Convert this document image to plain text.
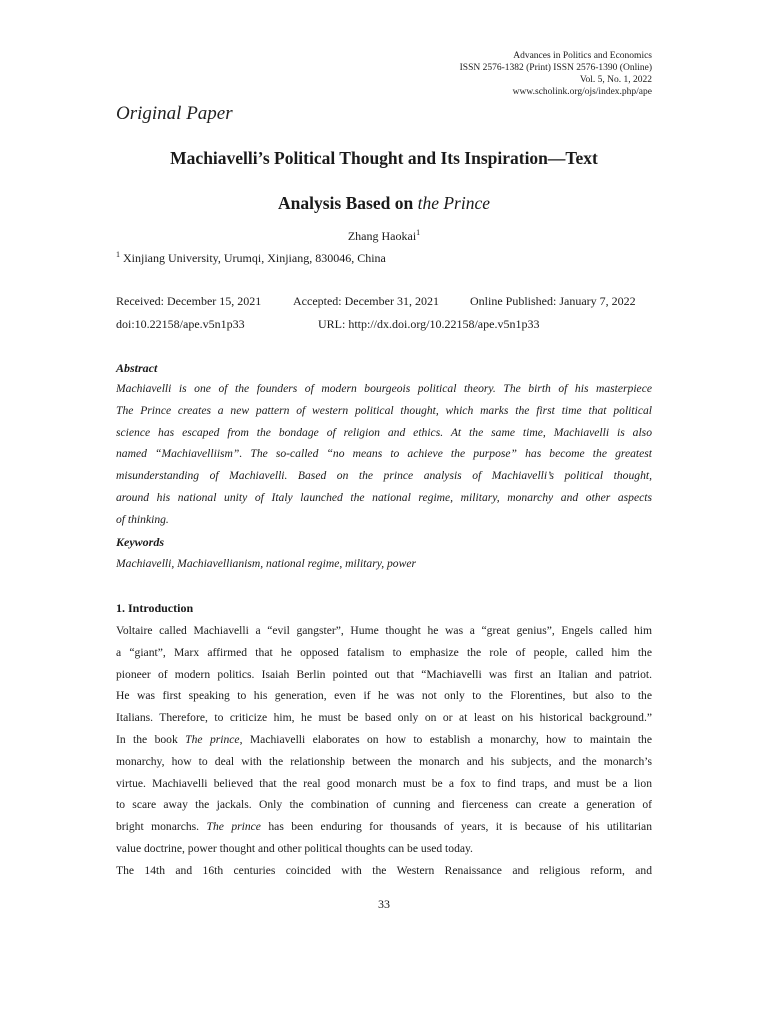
Advances in Politics and Economics
ISSN 2576-1382 (Print) ISSN 2576-1390 (Online)
Vol. 5, No. 1, 2022
www.scholink.org/ojs/index.php/ape
Original Paper
Machiavelli’s Political Thought and Its Inspiration—Text
Analysis Based on the Prince
Zhang Haokai$^1$
$^1$ Xinjiang University, Urumqi, Xinjiang, 830046, China
Received: December 15, 2021	Accepted: December 31, 2021	Online Published: January 7, 2022
doi:10.22158/ape.v5n1p33	URL: http://dx.doi.org/10.22158/ape.v5n1p33
Abstract
Machiavelli is one of the founders of modern bourgeois political theory. The birth of his masterpiece
The Prince creates a new pattern of western political thought, which marks the first time that political
science has escaped from the bondage of religion and ethics. At the same time, Machiavelli is also
named “Machiavelliism”. The so-called “no means to achieve the purpose” has become the greatest
misunderstanding of Machiavelli. Based on the prince analysis of Machiavelli’s political thought,
around his national unity of Italy launched the national regime, military, monarchy and other aspects
of thinking.
Keywords
Machiavelli, Machiavellianism, national regime, military, power
1. Introduction
Voltaire called Machiavelli a “evil gangster”, Hume thought he was a “great genius”, Engels called him
a “giant”, Marx affirmed that he opposed fatalism to emphasize the role of people, called him the
pioneer of modern politics. Isaiah Berlin pointed out that “Machiavelli was first an Italian and patriot.
He was first speaking to his generation, even if he was not only to the Florentines, but also to the
Italians. Therefore, to criticize him, he must be based only on or at least on his historical background.”
In the book The prince, Machiavelli elaborates on how to establish a monarchy, how to maintain the
monarchy, how to deal with the relationship between the monarch and his subjects, and the monarch’s
virtue. Machiavelli believed that the real good monarch must be a fox to find traps, and must be a lion
to scare away the jackals. Only the combination of cunning and fierceness can create a generation of
bright monarchs. The prince has been enduring for thousands of years, it is because of his utilitarian
value doctrine, power thought and other political thoughts can be used today.
The 14th and 16th centuries coincided with the Western Renaissance and religious reform, and
33
